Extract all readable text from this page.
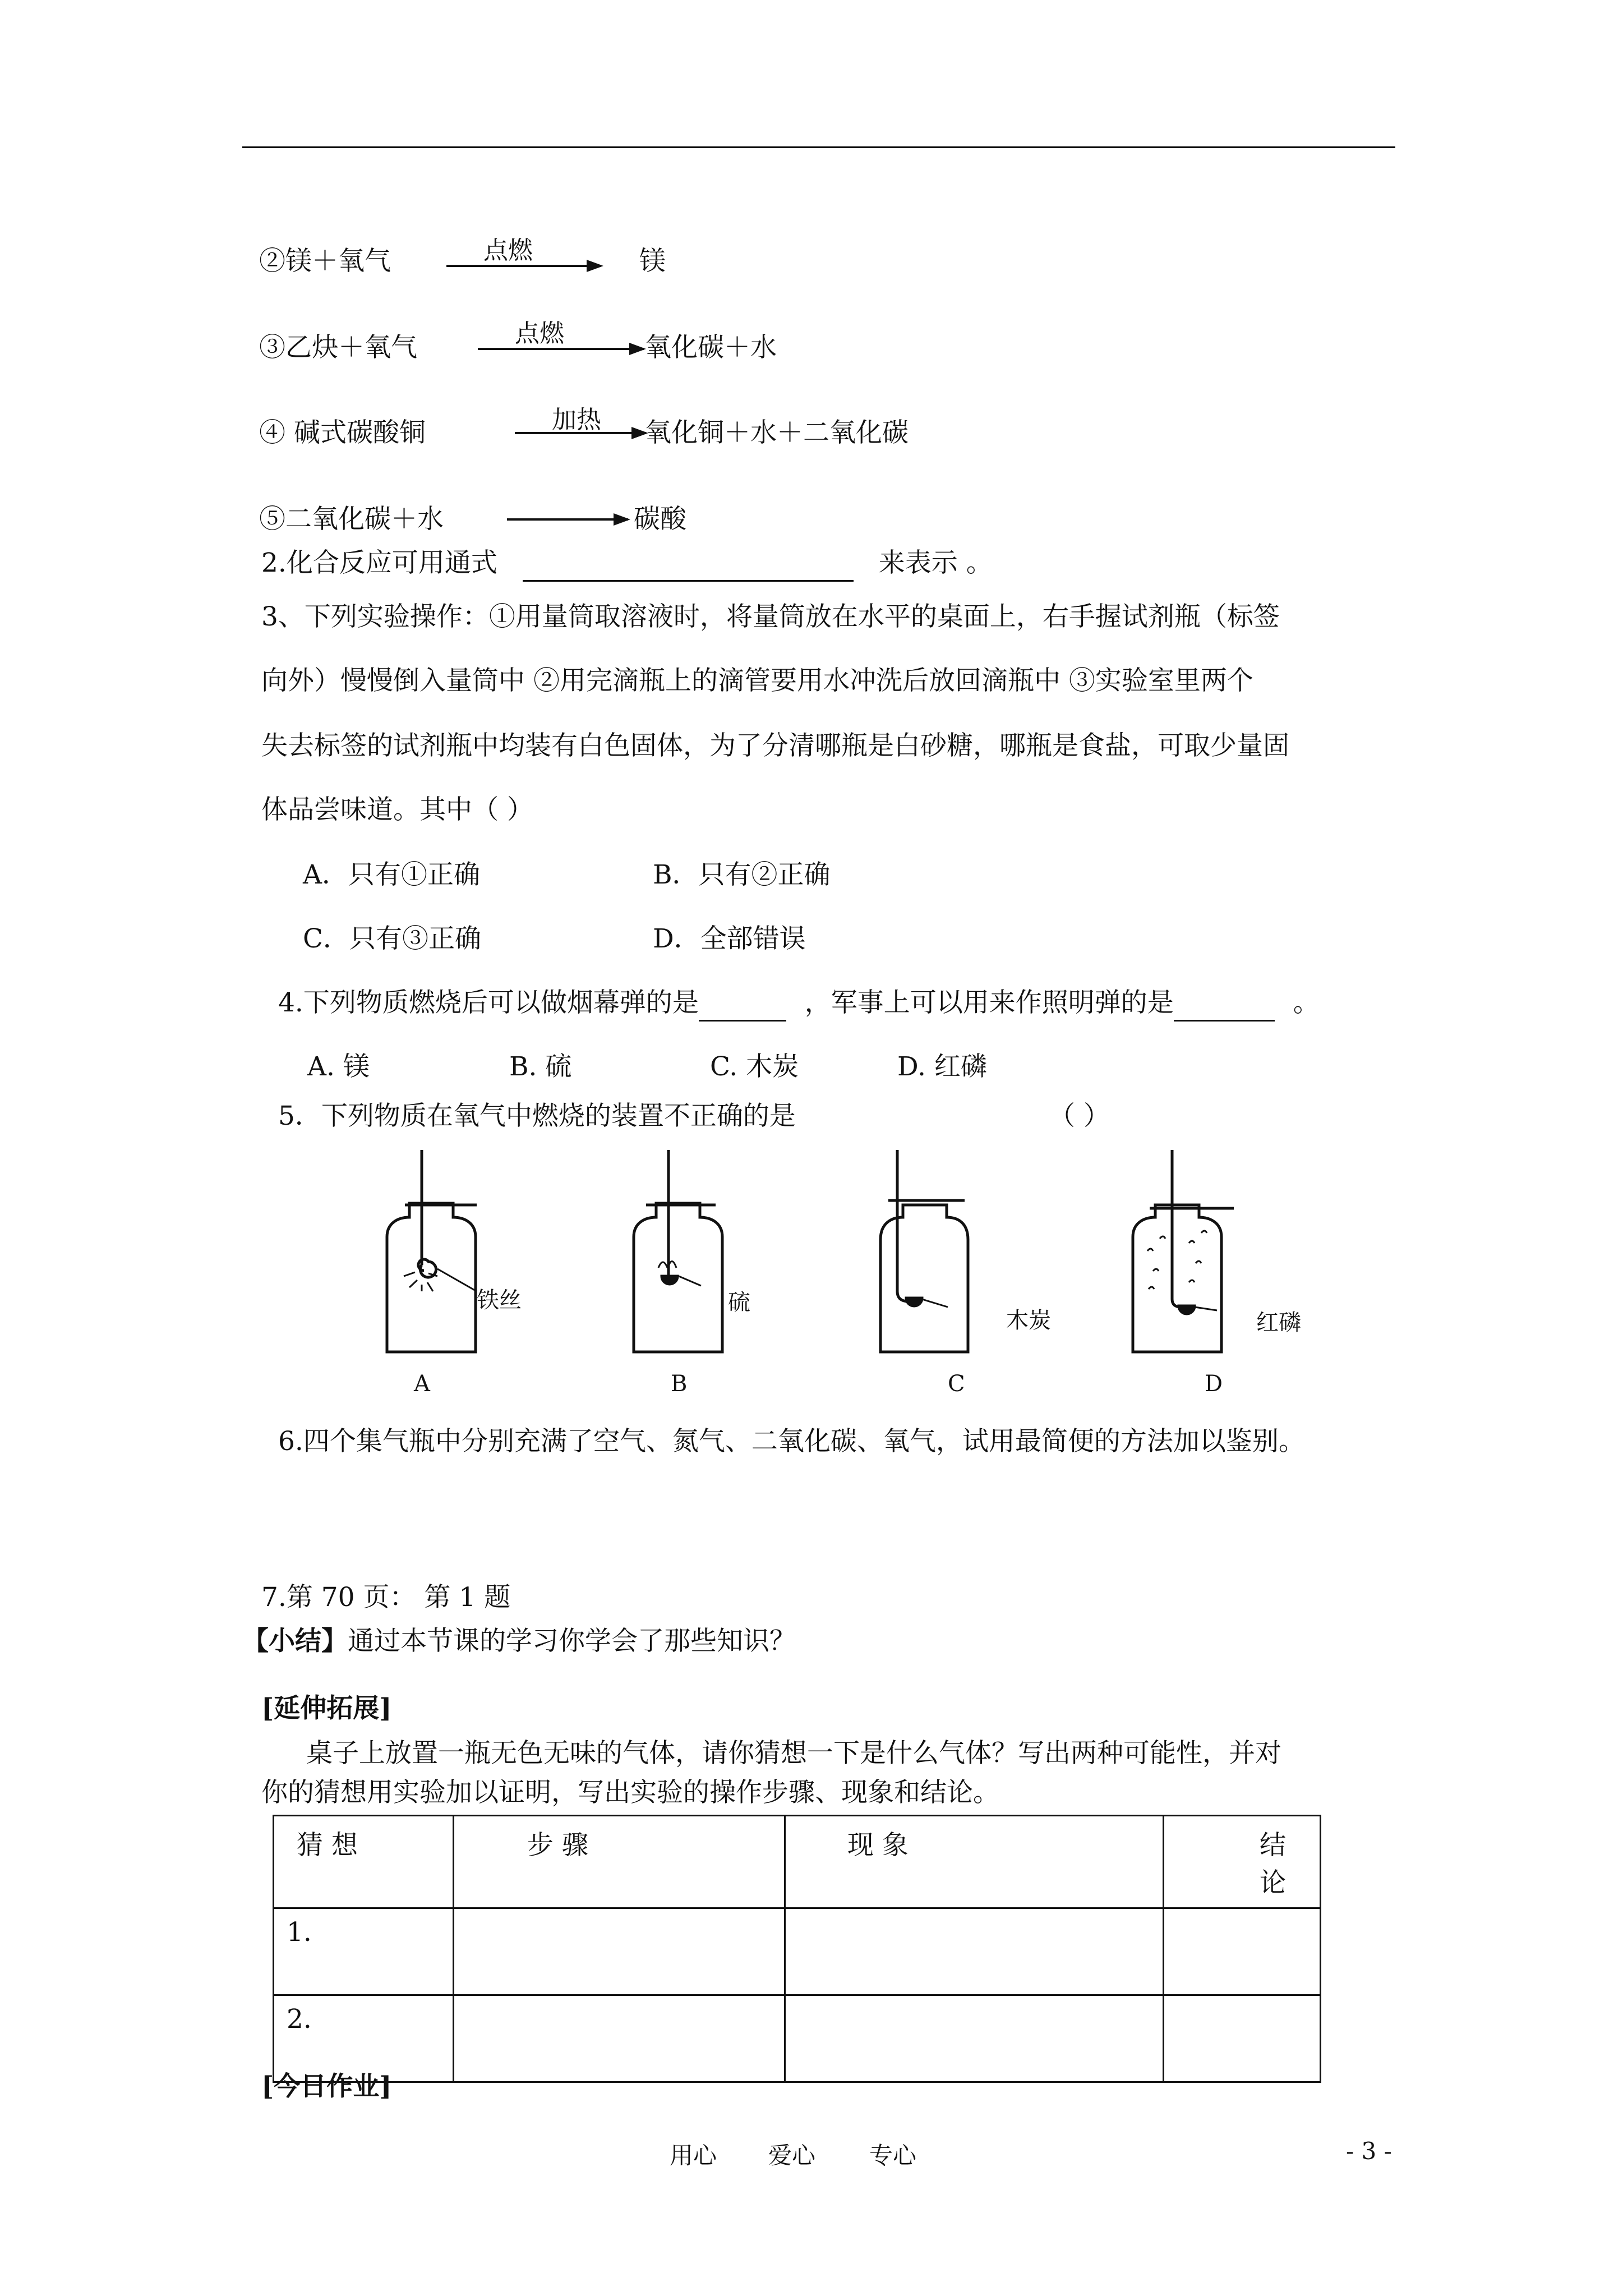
②镁＋氧气	点燃	镁
③乙炔＋氧气	点燃	氧化碳＋水
④ 碱式碳酸铜	加热 氧化铜＋水＋二氧化碳
⑤二氧化碳＋水	碳酸
2.化合反应可用通式	来表示 。
3、下列实验操作：①用量筒取溶液时，将量筒放在水平的桌面上，右手握试剂瓶（标签
向外）慢慢倒入量筒中 ②用完滴瓶上的滴管要用水冲洗后放回滴瓶中 ③实验室里两个
失去标签的试剂瓶中均装有白色固体，为了分清哪瓶是白砂糖，哪瓶是食盐，可取少量固
体品尝味道。其中（ ）
A．只有①正确	B．只有②正确
C．只有③正确	D．全部错误
4.下列物质燃烧后可以做烟幕弹的是	，军事上可以用来作照明弹的是	。
A. 镁	B. 硫	C. 木炭	D. 红磷
5．下列物质在氧气中燃烧的装置不正确的是	（ ）
铁丝	硫
木炭	红磷
A	B	C	D
6.四个集气瓶中分别充满了空气、氮气、二氧化碳、氧气，试用最简便的方法加以鉴别。
7.第 70 页： 第 1 题
【小结】通过本节课的学习你学会了那些知识？
[延伸拓展]
桌子上放置一瓶无色无味的气体，请你猜想一下是什么气体？写出两种可能性，并对
你的猜想用实验加以证明，写出实验的操作步骤、现象和结论。
猜 想	步 骤	现 象	结 论
1.			
2.			
[今日作业]
用心 爱心 专心	- 3 -
